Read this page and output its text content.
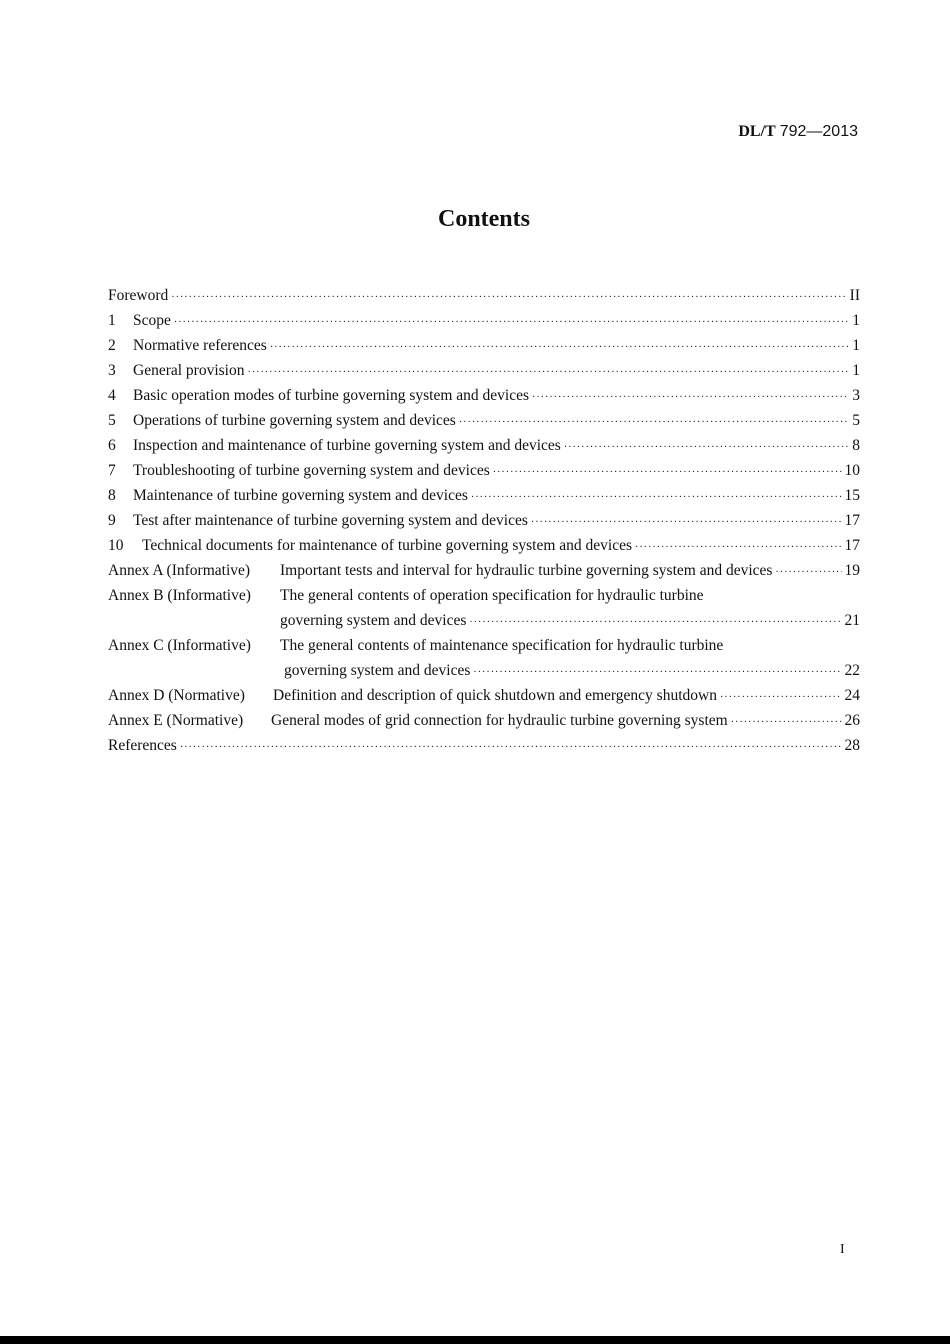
DL/T 792—2013
Contents
Foreword ·····	II
1	Scope ·····	1
2	Normative references ·····	1
3	General provision ·····	1
4	Basic operation modes of turbine governing system and devices ·····	3
5	Operations of turbine governing system and devices ·····	5
6	Inspection and maintenance of turbine governing system and devices ·····	8
7	Troubleshooting of turbine governing system and devices ·····	10
8	Maintenance of turbine governing system and devices ·····	15
9	Test after maintenance of turbine governing system and devices ·····	17
10	Technical documents for maintenance of turbine governing system and devices ·····	17
Annex A (Informative)	Important tests and interval for hydraulic turbine governing system and devices ·····	19
Annex B (Informative)	The general contents of operation specification for hydraulic turbine
governing system and devices ·····	21
Annex C (Informative)	The general contents of maintenance specification for hydraulic turbine
governing system and devices ·····	22
Annex D (Normative)	Definition and description of quick shutdown and emergency shutdown ·····	24
Annex E (Normative)	General modes of grid connection for hydraulic turbine governing system ·····	26
References ·····	28
I
